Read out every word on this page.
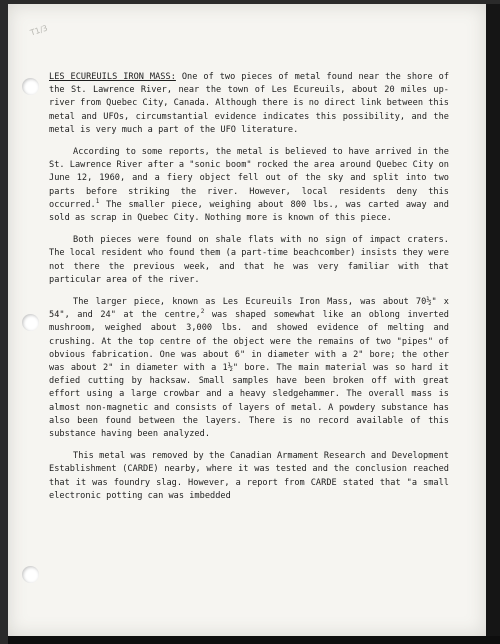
T1/3

LES ECUREUILS IRON MASS: One of two pieces of metal found near the shore of the St. Lawrence River, near the town of Les Ecureuils, about 20 miles up-river from Quebec City, Canada. Although there is no direct link between this metal and UFOs, circumstantial evidence indicates this possibility, and the metal is very much a part of the UFO literature.

According to some reports, the metal is believed to have arrived in the St. Lawrence River after a "sonic boom" rocked the area around Quebec City on June 12, 1960, and a fiery object fell out of the sky and split into two parts before striking the river. However, local residents deny this occurred.$^1$ The smaller piece, weighing about 800 lbs., was carted away and sold as scrap in Quebec City. Nothing more is known of this piece.

Both pieces were found on shale flats with no sign of impact craters. The local resident who found them (a part-time beachcomber) insists they were not there the previous week, and that he was very familiar with that particular area of the river.

The larger piece, known as Les Ecureuils Iron Mass, was about 70½" x 54", and 24" at the centre,$^2$ was shaped somewhat like an oblong inverted mushroom, weighed about 3,000 lbs. and showed evidence of melting and crushing. At the top centre of the object were the remains of two "pipes" of obvious fabrication. One was about 6" in diameter with a 2" bore; the other was about 2" in diameter with a 1½" bore. The main material was so hard it defied cutting by hacksaw. Small samples have been broken off with great effort using a large crowbar and a heavy sledgehammer. The overall mass is almost non-magnetic and consists of layers of metal. A powdery substance has also been found between the layers. There is no record available of this substance having been analyzed.

This metal was removed by the Canadian Armament Research and Development Establishment (CARDE) nearby, where it was tested and the conclusion reached that it was foundry slag. However, a report from CARDE stated that "a small electronic potting can was imbedded
